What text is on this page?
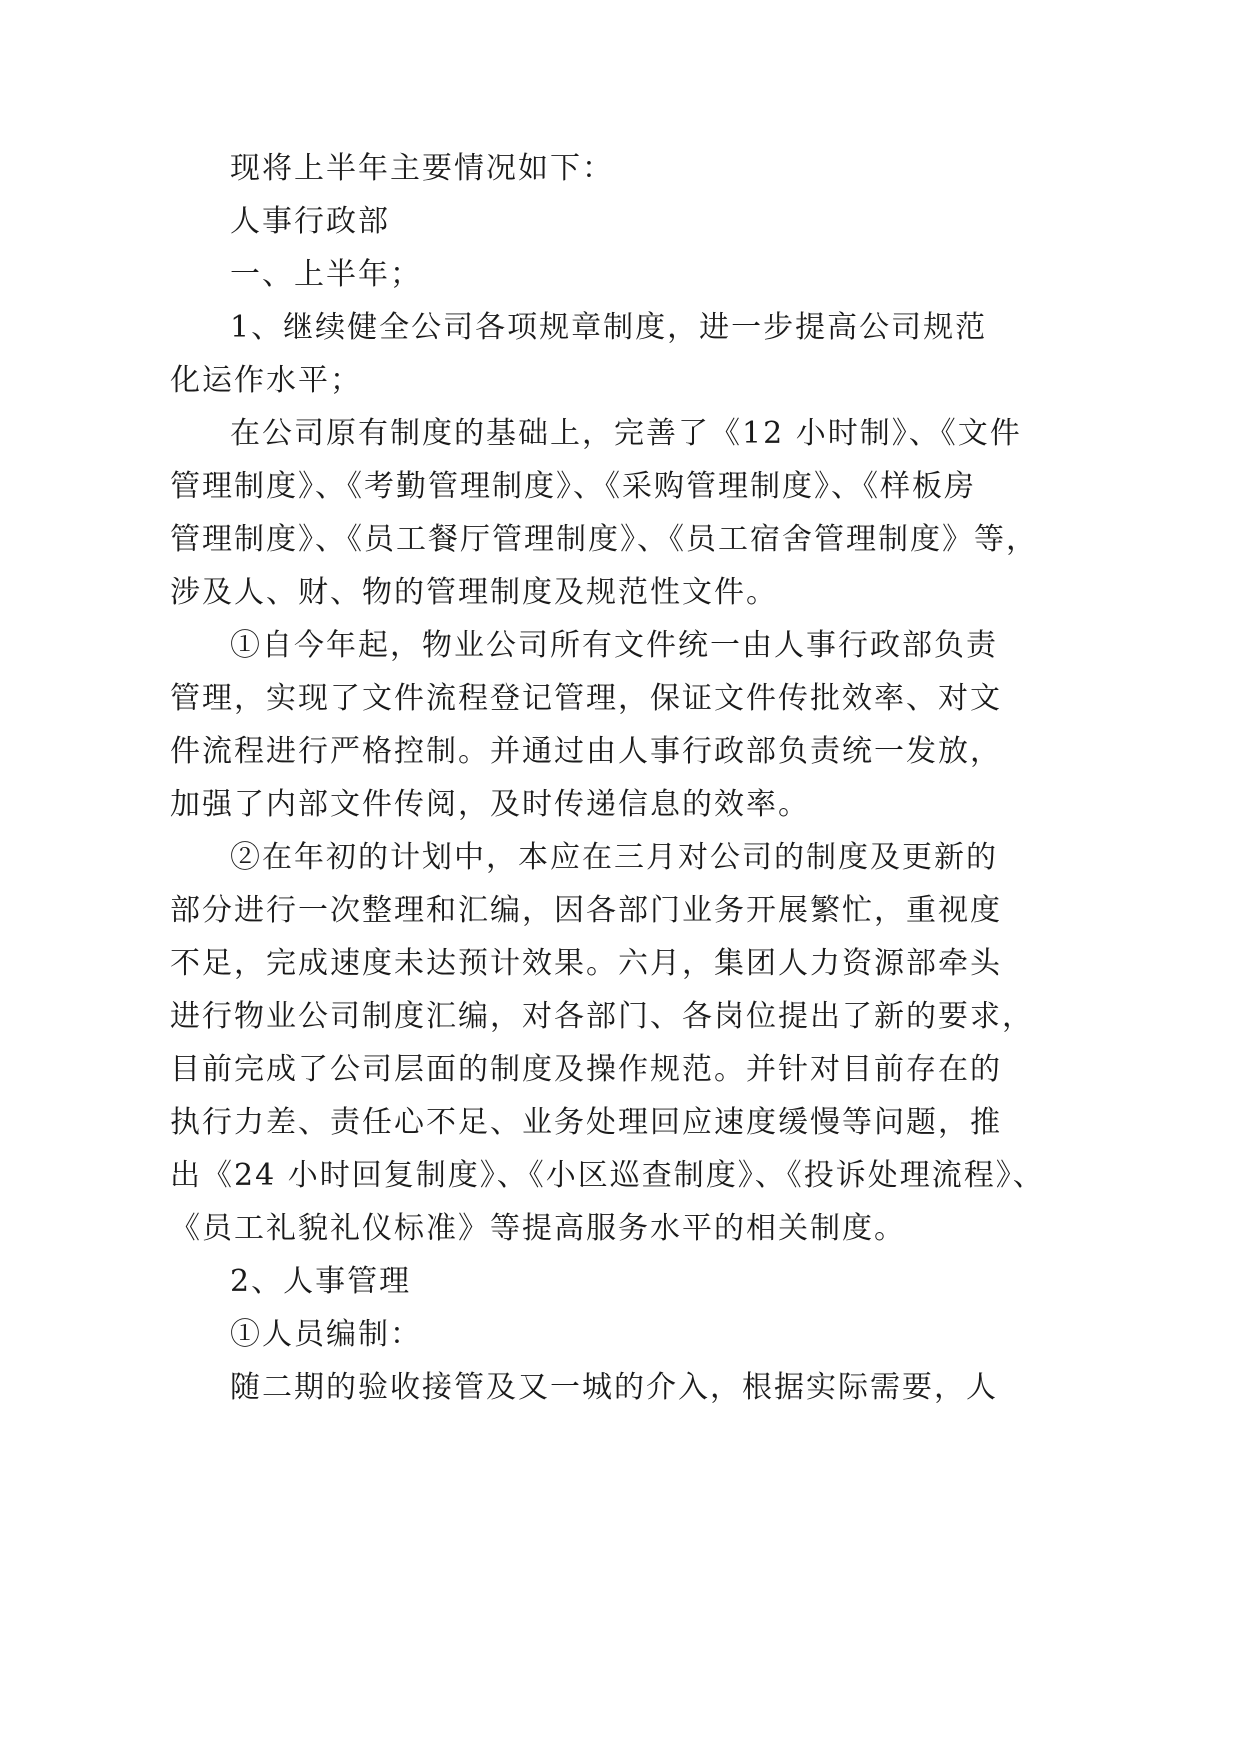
现将上半年主要情况如下：
人事行政部
一、上半年；
1、继续健全公司各项规章制度，进一步提高公司规范
化运作水平；
在公司原有制度的基础上，完善了《12 小时制》、《文件
管理制度》、《考勤管理制度》、《采购管理制度》、《样板房
管理制度》、《员工餐厅管理制度》、《员工宿舍管理制度》等，
涉及人、财、物的管理制度及规范性文件。
①自今年起，物业公司所有文件统一由人事行政部负责
管理，实现了文件流程登记管理，保证文件传批效率、对文
件流程进行严格控制。并通过由人事行政部负责统一发放，
加强了内部文件传阅，及时传递信息的效率。
②在年初的计划中，本应在三月对公司的制度及更新的
部分进行一次整理和汇编，因各部门业务开展繁忙，重视度
不足，完成速度未达预计效果。六月，集团人力资源部牵头
进行物业公司制度汇编，对各部门、各岗位提出了新的要求，
目前完成了公司层面的制度及操作规范。并针对目前存在的
执行力差、责任心不足、业务处理回应速度缓慢等问题，推
出《24 小时回复制度》、《小区巡查制度》、《投诉处理流程》、
《员工礼貌礼仪标准》等提高服务水平的相关制度。
2、人事管理
①人员编制：
随二期的验收接管及又一城的介入，根据实际需要，人
